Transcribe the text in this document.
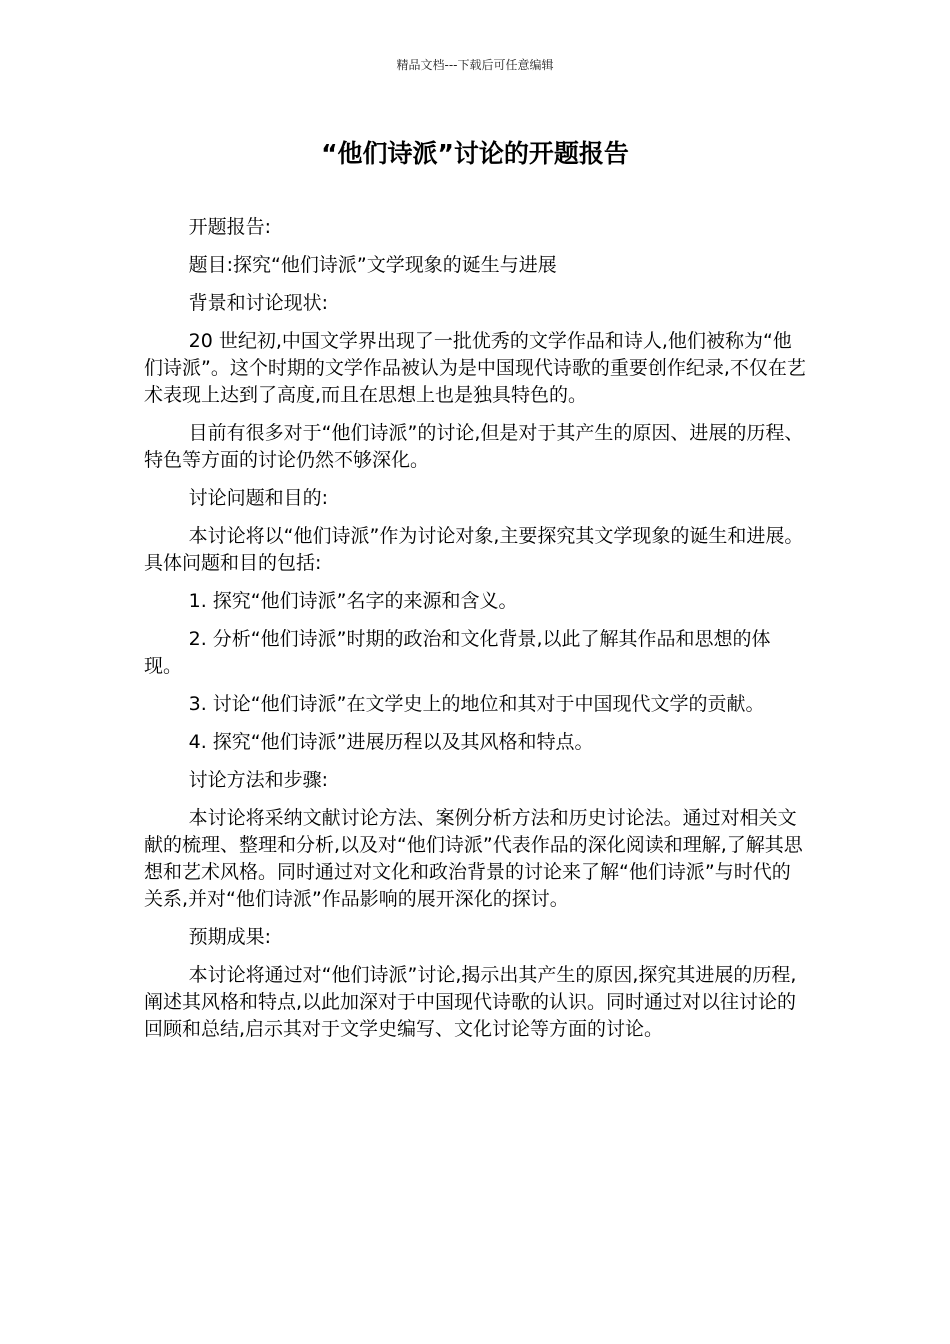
精品文档---下载后可任意编辑
“他们诗派”讨论的开题报告

开题报告:

题目:探究“他们诗派”文学现象的诞生与进展

背景和讨论现状:

20 世纪初,中国文学界出现了一批优秀的文学作品和诗人,他们被称为“他们诗派”。这个时期的文学作品被认为是中国现代诗歌的重要创作纪录,不仅在艺术表现上达到了高度,而且在思想上也是独具特色的。

目前有很多对于“他们诗派”的讨论,但是对于其产生的原因、进展的历程、特色等方面的讨论仍然不够深化。

讨论问题和目的:

本讨论将以“他们诗派”作为讨论对象,主要探究其文学现象的诞生和进展。具体问题和目的包括:

1. 探究“他们诗派”名字的来源和含义。

2. 分析“他们诗派”时期的政治和文化背景,以此了解其作品和思想的体现。

3. 讨论“他们诗派”在文学史上的地位和其对于中国现代文学的贡献。

4. 探究“他们诗派”进展历程以及其风格和特点。

讨论方法和步骤:

本讨论将采纳文献讨论方法、案例分析方法和历史讨论法。通过对相关文献的梳理、整理和分析,以及对“他们诗派”代表作品的深化阅读和理解,了解其思想和艺术风格。同时通过对文化和政治背景的讨论来了解“他们诗派”与时代的关系,并对“他们诗派”作品影响的展开深化的探讨。

预期成果:

本讨论将通过对“他们诗派”讨论,揭示出其产生的原因,探究其进展的历程,阐述其风格和特点,以此加深对于中国现代诗歌的认识。同时通过对以往讨论的回顾和总结,启示其对于文学史编写、文化讨论等方面的讨论。
